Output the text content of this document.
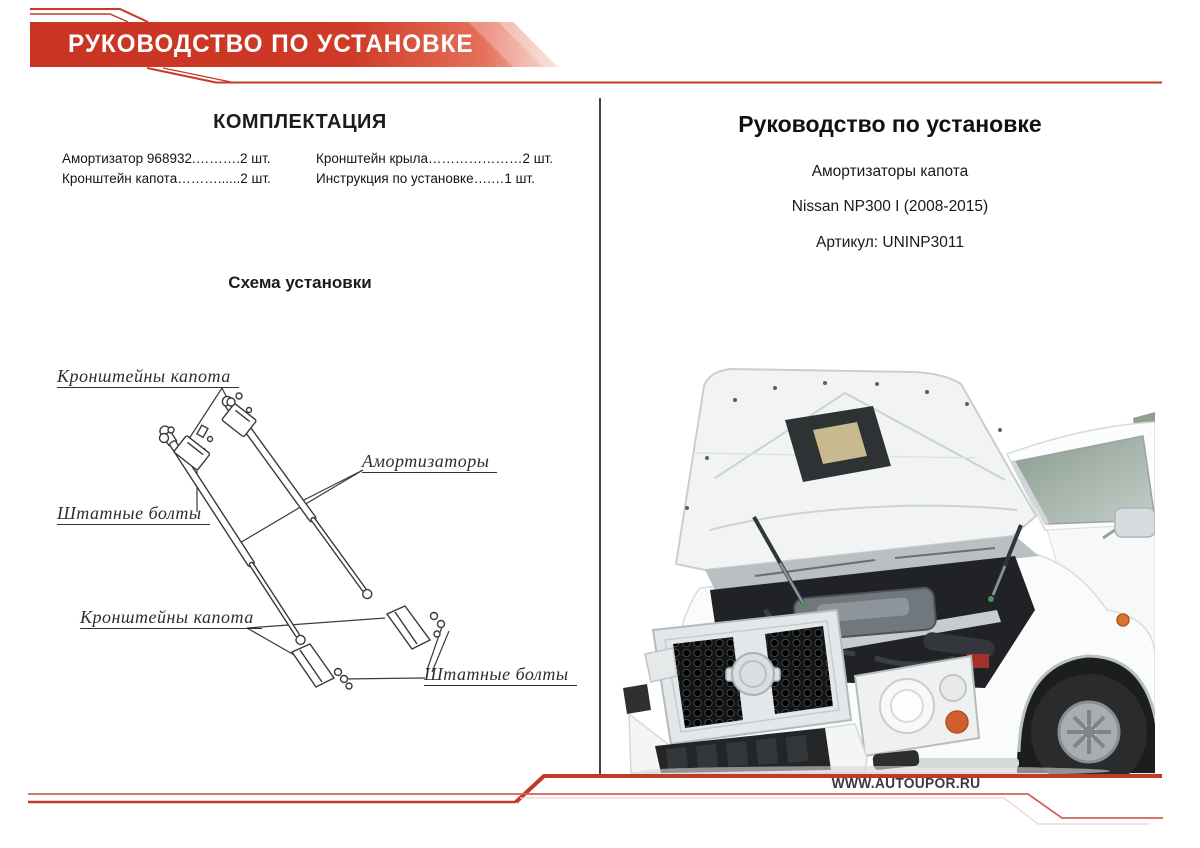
РУКОВОДСТВО ПО УСТАНОВКЕ
КОМПЛЕКТАЦИЯ
Амортизатор 968932.……….2 шт.
Кронштейн капота………......2 шт.
Кронштейн крыла…………………2 шт.
Инструкция по установке….…1 шт.
Схема установки
Кронштейны капота
Штатные болты
Амортизаторы
Кронштейны капота
Штатные болты
Руководство по установке
Амортизаторы капота
Nissan NP300 I (2008-2015)
Артикул: UNINP3011
WWW.AUTOUPOR.RU
